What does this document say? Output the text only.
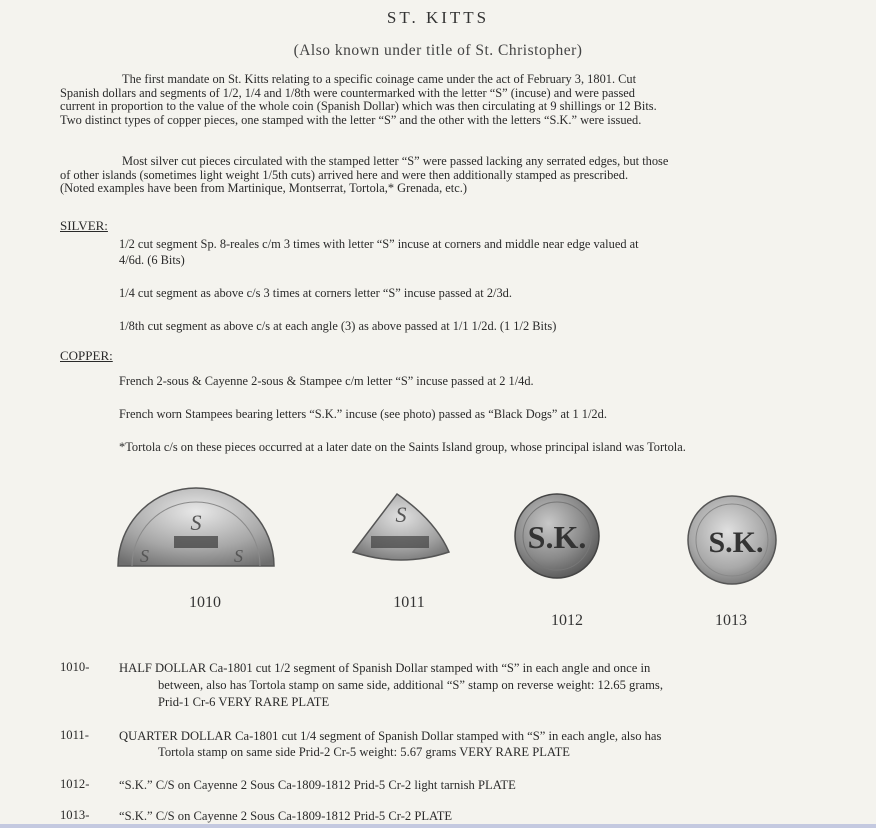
ST. KITTS
(Also known under title of St. Christopher)
The first mandate on St. Kitts relating to a specific coinage came under the act of February 3, 1801. Cut
Spanish dollars and segments of 1/2, 1/4 and 1/8th were countermarked with the letter “S” (incuse) and were passed
current in proportion to the value of the whole coin (Spanish Dollar) which was then circulating at 9 shillings or 12 Bits.
Two distinct types of copper pieces, one stamped with the letter “S” and the other with the letters “S.K.” were issued.
Most silver cut pieces circulated with the stamped letter “S” were passed lacking any serrated edges, but those
of other islands (sometimes light weight 1/5th cuts) arrived here and were then additionally stamped as prescribed.
(Noted examples have been from Martinique, Montserrat, Tortola,* Grenada, etc.)
SILVER:
1/2 cut segment Sp. 8-reales c/m 3 times with letter “S” incuse at corners and middle near edge valued at
4/6d. (6 Bits)
1/4 cut segment as above c/s 3 times at corners letter “S” incuse passed at 2/3d.
1/8th cut segment as above c/s at each angle (3) as above passed at 1/1 1/2d. (1 1/2 Bits)
COPPER:
French 2-sous & Cayenne 2-sous & Stampee c/m letter “S” incuse passed at 2 1/4d.
French worn Stampees bearing letters “S.K.” incuse (see photo) passed as “Black Dogs” at 1 1/2d.
*Tortola c/s on these pieces occurred at a later date on the Saints Island group, whose principal island was Tortola.
S
S	S
S
S.K.	S.K.
1010	1011
1012	1013
1010- HALF DOLLAR Ca-1801 cut 1/2 segment of Spanish Dollar stamped with “S” in each angle and once in
between, also has Tortola stamp on same side, additional “S” stamp on reverse weight: 12.65 grams,
Prid-1 Cr-6 VERY RARE PLATE
1011- QUARTER DOLLAR Ca-1801 cut 1/4 segment of Spanish Dollar stamped with “S” in each angle, also has
Tortola stamp on same side Prid-2 Cr-5 weight: 5.67 grams VERY RARE PLATE
1012- “S.K.” C/S on Cayenne 2 Sous Ca-1809-1812 Prid-5 Cr-2 light tarnish PLATE
1013- “S.K.” C/S on Cayenne 2 Sous Ca-1809-1812 Prid-5 Cr-2 PLATE
